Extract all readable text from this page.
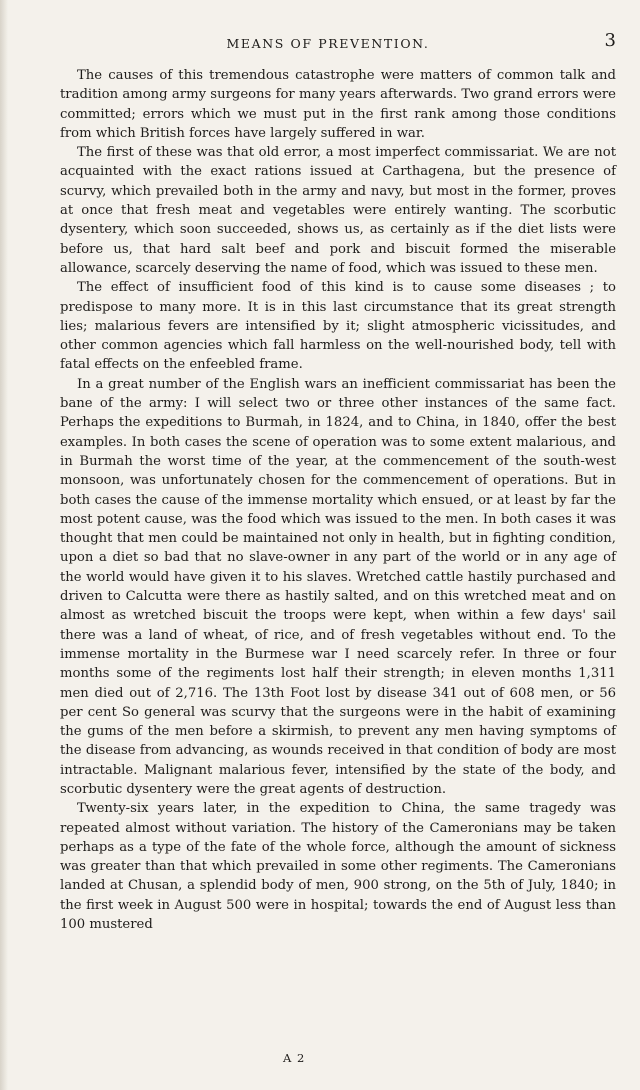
MEANS OF PREVENTION.	3

The causes of this tremendous catastrophe were matters of common talk and tradition among army surgeons for many years afterwards. Two grand errors were committed; errors which we must put in the first rank among those conditions from which British forces have largely suffered in war.

The first of these was that old error, a most imperfect commissariat. We are not acquainted with the exact rations issued at Carthagena, but the presence of scurvy, which prevailed both in the army and navy, but most in the former, proves at once that fresh meat and vegetables were entirely wanting. The scorbutic dysentery, which soon succeeded, shows us, as certainly as if the diet lists were before us, that hard salt beef and pork and biscuit formed the miserable allowance, scarcely deserving the name of food, which was issued to these men.

The effect of insufficient food of this kind is to cause some diseases ; to predispose to many more. It is in this last circumstance that its great strength lies; malarious fevers are intensified by it; slight atmospheric vicissitudes, and other common agencies which fall harmless on the well-nourished body, tell with fatal effects on the enfeebled frame.

In a great number of the English wars an inefficient commissariat has been the bane of the army: I will select two or three other instances of the same fact. Perhaps the expeditions to Burmah, in 1824, and to China, in 1840, offer the best examples. In both cases the scene of operation was to some extent malarious, and in Burmah the worst time of the year, at the commencement of the south-west monsoon, was unfortunately chosen for the commencement of operations. But in both cases the cause of the immense mortality which ensued, or at least by far the most potent cause, was the food which was issued to the men. In both cases it was thought that men could be maintained not only in health, but in fighting condition, upon a diet so bad that no slave-owner in any part of the world or in any age of the world would have given it to his slaves. Wretched cattle hastily purchased and driven to Calcutta were there as hastily salted, and on this wretched meat and on almost as wretched biscuit the troops were kept, when within a few days' sail there was a land of wheat, of rice, and of fresh vegetables without end. To the immense mortality in the Burmese war I need scarcely refer. In three or four months some of the regiments lost half their strength; in eleven months 1,311 men died out of 2,716. The 13th Foot lost by disease 341 out of 608 men, or 56 per cent So general was scurvy that the surgeons were in the habit of examining the gums of the men before a skirmish, to prevent any men having symptoms of the disease from advancing, as wounds received in that condition of body are most intractable. Malignant malarious fever, intensified by the state of the body, and scorbutic dysentery were the great agents of destruction.

Twenty-six years later, in the expedition to China, the same tragedy was repeated almost without variation. The history of the Cameronians may be taken perhaps as a type of the fate of the whole force, although the amount of sickness was greater than that which prevailed in some other regiments. The Cameronians landed at Chusan, a splendid body of men, 900 strong, on the 5th of July, 1840; in the first week in August 500 were in hospital; towards the end of August less than 100 mustered

A 2
